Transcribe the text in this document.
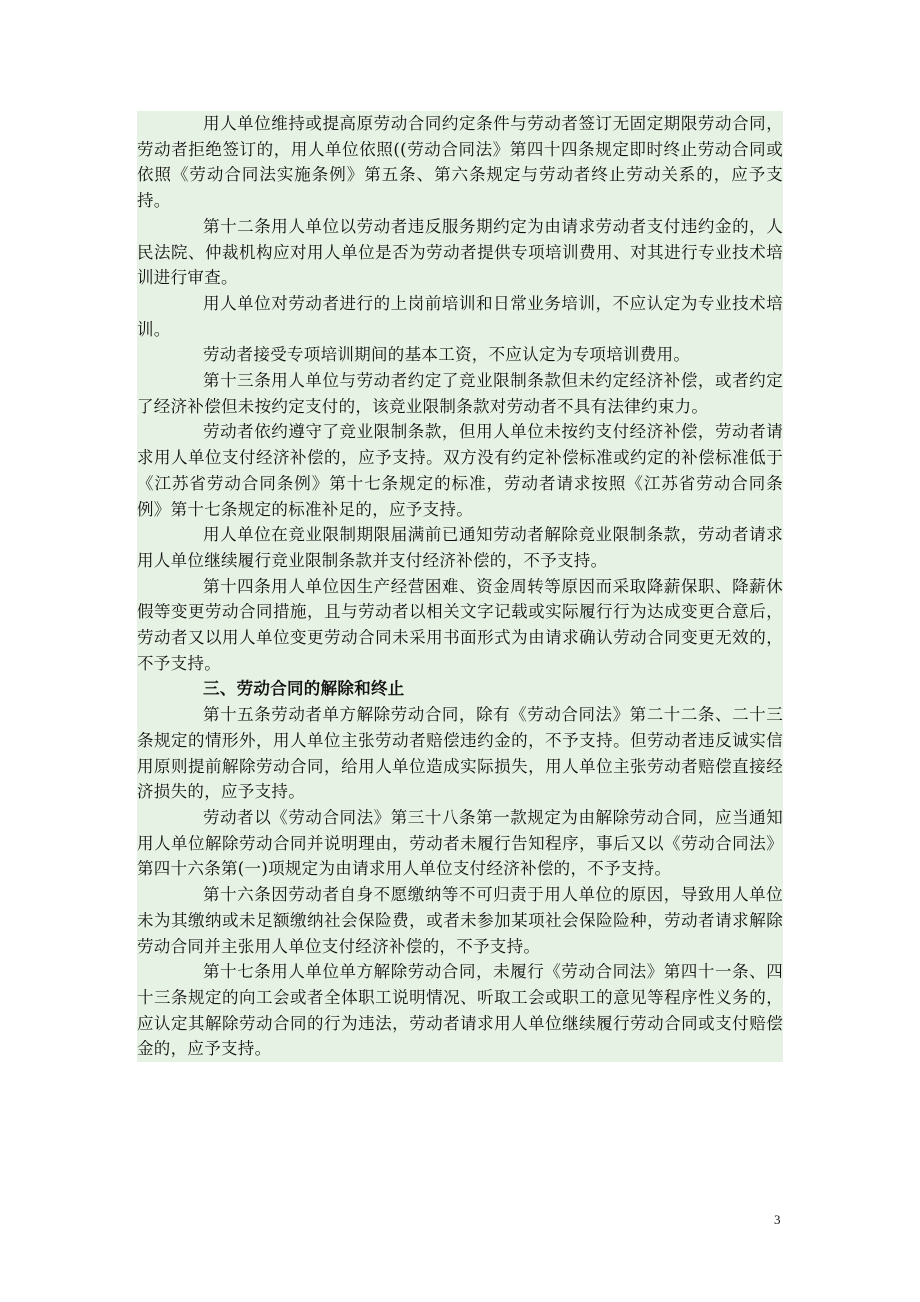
用人单位维持或提高原劳动合同约定条件与劳动者签订无固定期限劳动合同，劳动者拒绝签订的，用人单位依照((劳动合同法》第四十四条规定即时终止劳动合同或依照《劳动合同法实施条例》第五条、第六条规定与劳动者终止劳动关系的，应予支持。

第十二条用人单位以劳动者违反服务期约定为由请求劳动者支付违约金的，人民法院、仲裁机构应对用人单位是否为劳动者提供专项培训费用、对其进行专业技术培训进行审查。

用人单位对劳动者进行的上岗前培训和日常业务培训，不应认定为专业技术培训。

劳动者接受专项培训期间的基本工资，不应认定为专项培训费用。

第十三条用人单位与劳动者约定了竞业限制条款但未约定经济补偿，或者约定了经济补偿但未按约定支付的，该竞业限制条款对劳动者不具有法律约束力。

劳动者依约遵守了竞业限制条款，但用人单位未按约支付经济补偿，劳动者请求用人单位支付经济补偿的，应予支持。双方没有约定补偿标准或约定的补偿标准低于《江苏省劳动合同条例》第十七条规定的标准，劳动者请求按照《江苏省劳动合同条例》第十七条规定的标准补足的，应予支持。

用人单位在竞业限制期限届满前已通知劳动者解除竞业限制条款，劳动者请求用人单位继续履行竞业限制条款并支付经济补偿的，不予支持。

第十四条用人单位因生产经营困难、资金周转等原因而采取降薪保职、降薪休假等变更劳动合同措施，且与劳动者以相关文字记载或实际履行行为达成变更合意后，劳动者又以用人单位变更劳动合同未采用书面形式为由请求确认劳动合同变更无效的，不予支持。

三、劳动合同的解除和终止

第十五条劳动者单方解除劳动合同，除有《劳动合同法》第二十二条、二十三条规定的情形外，用人单位主张劳动者赔偿违约金的，不予支持。但劳动者违反诚实信用原则提前解除劳动合同，给用人单位造成实际损失，用人单位主张劳动者赔偿直接经济损失的，应予支持。

劳动者以《劳动合同法》第三十八条第一款规定为由解除劳动合同，应当通知用人单位解除劳动合同并说明理由，劳动者未履行告知程序，事后又以《劳动合同法》第四十六条第(一)项规定为由请求用人单位支付经济补偿的，不予支持。

第十六条因劳动者自身不愿缴纳等不可归责于用人单位的原因，导致用人单位未为其缴纳或未足额缴纳社会保险费，或者未参加某项社会保险险种，劳动者请求解除劳动合同并主张用人单位支付经济补偿的，不予支持。

第十七条用人单位单方解除劳动合同，未履行《劳动合同法》第四十一条、四十三条规定的向工会或者全体职工说明情况、听取工会或职工的意见等程序性义务的，应认定其解除劳动合同的行为违法，劳动者请求用人单位继续履行劳动合同或支付赔偿金的，应予支持。

3
